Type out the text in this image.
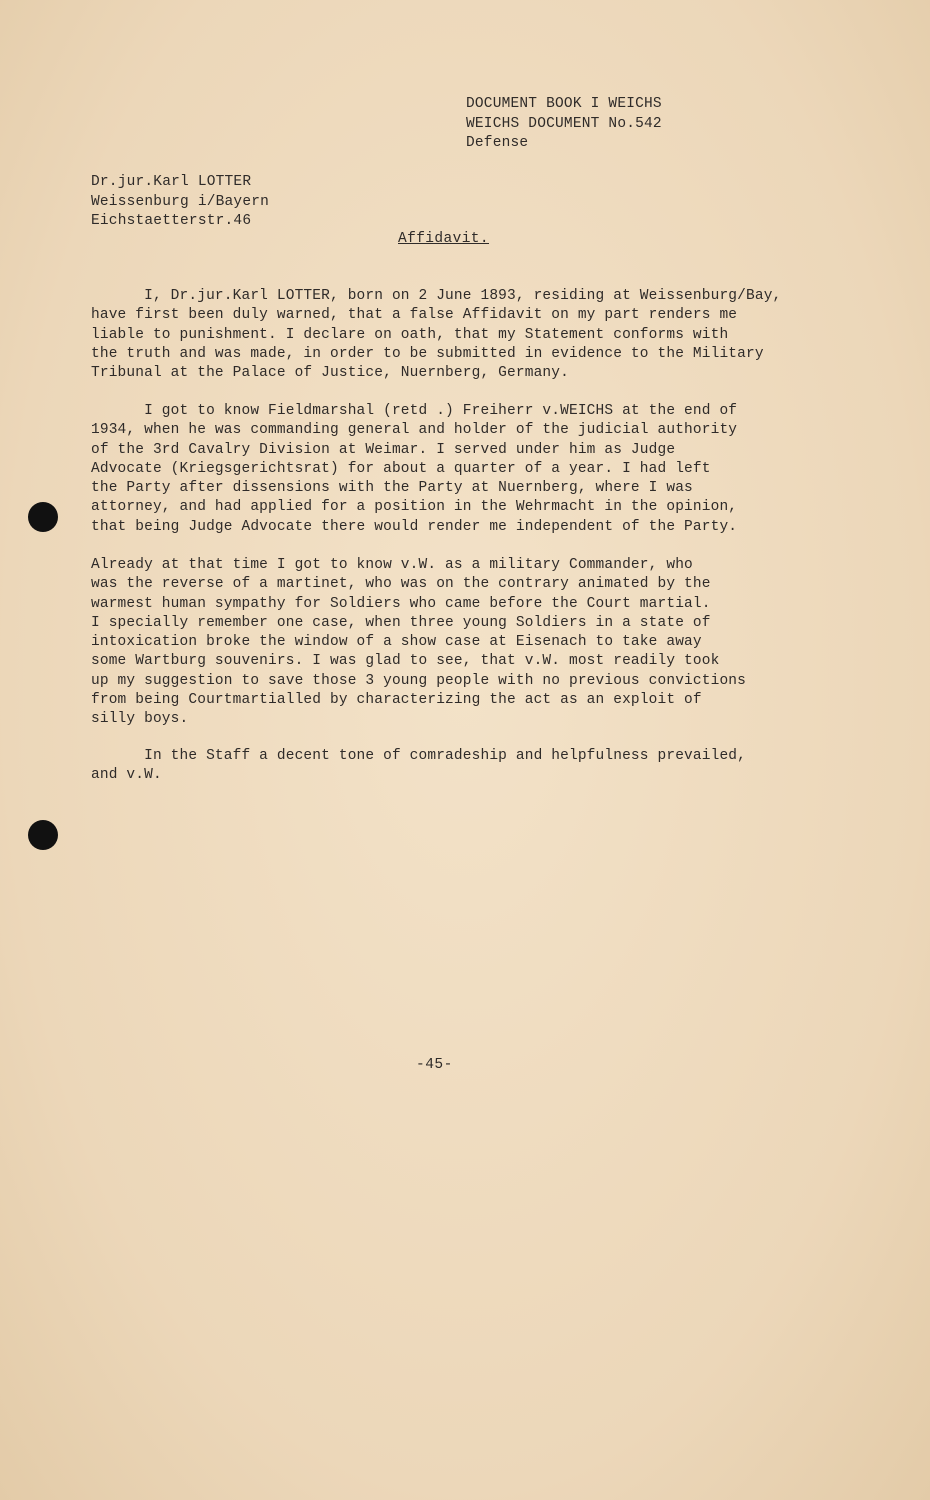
DOCUMENT BOOK I WEICHS
WEICHS DOCUMENT No.542
Defense
Dr.jur.Karl LOTTER
Weissenburg i/Bayern
Eichstaetterstr.46
Affidavit.
I, Dr.jur.Karl LOTTER, born on 2 June 1893, residing at Weissenburg/Bay,
have first been duly warned, that a false Affidavit on my part renders me
liable to punishment. I declare on oath, that my Statement conforms with
the truth and was made, in order to be submitted in evidence to the Military
Tribunal at the Palace of Justice, Nuernberg, Germany.
I got to know Fieldmarshal (retd .) Freiherr v.WEICHS at the end of
1934, when he was commanding general and holder of the judicial authority
of the 3rd Cavalry Division at Weimar. I served under him as Judge
Advocate (Kriegsgerichtsrat) for about a quarter of a year. I had left
the Party after dissensions with the Party at Nuernberg, where I was
attorney, and had applied for a position in the Wehrmacht in the opinion,
that being Judge Advocate there would render me independent of the Party.
Already at that time I got to know v.W. as a military Commander, who
was the reverse of a martinet, who was on the contrary animated by the
warmest human sympathy for Soldiers who came before the Court martial.
I specially remember one case, when three young Soldiers in a state of
intoxication broke the window of a show case at Eisenach to take away
some Wartburg souvenirs. I was glad to see, that v.W. most readily took
up my suggestion to save those 3 young people with no previous convictions
from being Courtmartialled by characterizing the act as an exploit of
silly boys.
In the Staff a decent tone of comradeship and helpfulness prevailed,
and v.W.
-45-
